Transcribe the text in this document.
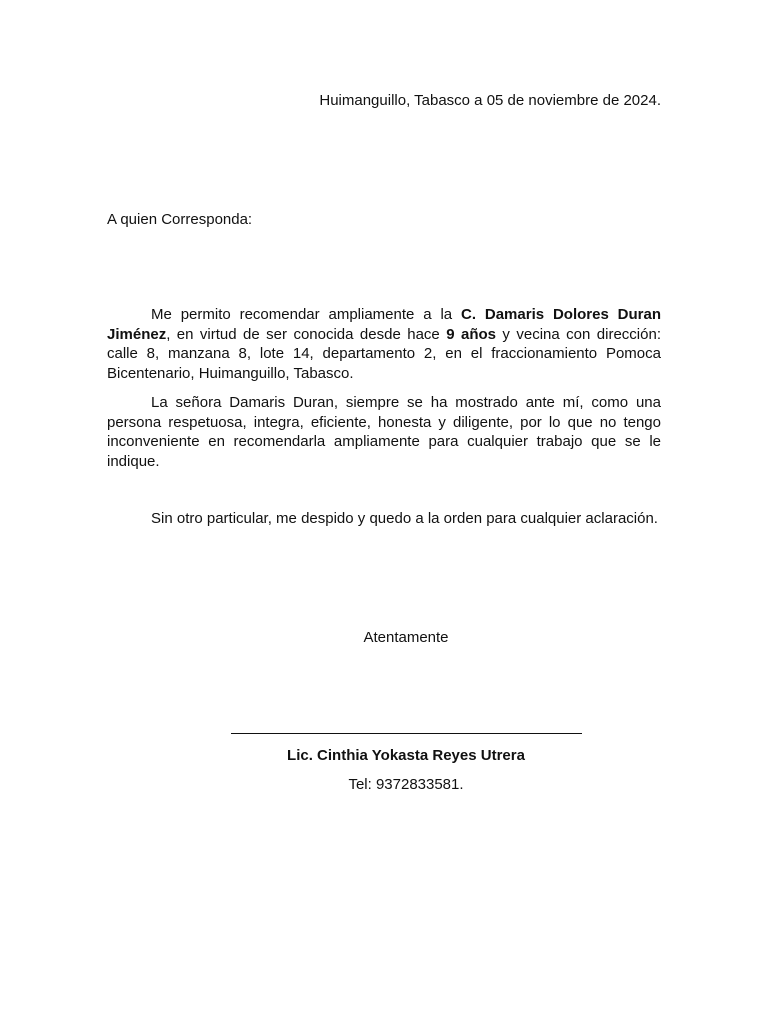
Huimanguillo, Tabasco a 05 de noviembre de 2024.
A quien Corresponda:

Me permito recomendar ampliamente a la C. Damaris Dolores Duran Jiménez, en virtud de ser conocida desde hace 9 años y vecina con dirección: calle 8, manzana 8, lote 14, departamento 2, en el fraccionamiento Pomoca Bicentenario, Huimanguillo, Tabasco.

La señora Damaris Duran, siempre se ha mostrado ante mí, como una persona respetuosa, integra, eficiente, honesta y diligente, por lo que no tengo inconveniente en recomendarla ampliamente para cualquier trabajo que se le indique.

Sin otro particular, me despido y quedo a la orden para cualquier aclaración.
Atentamente
Lic. Cinthia Yokasta Reyes Utrera
Tel: 9372833581.
